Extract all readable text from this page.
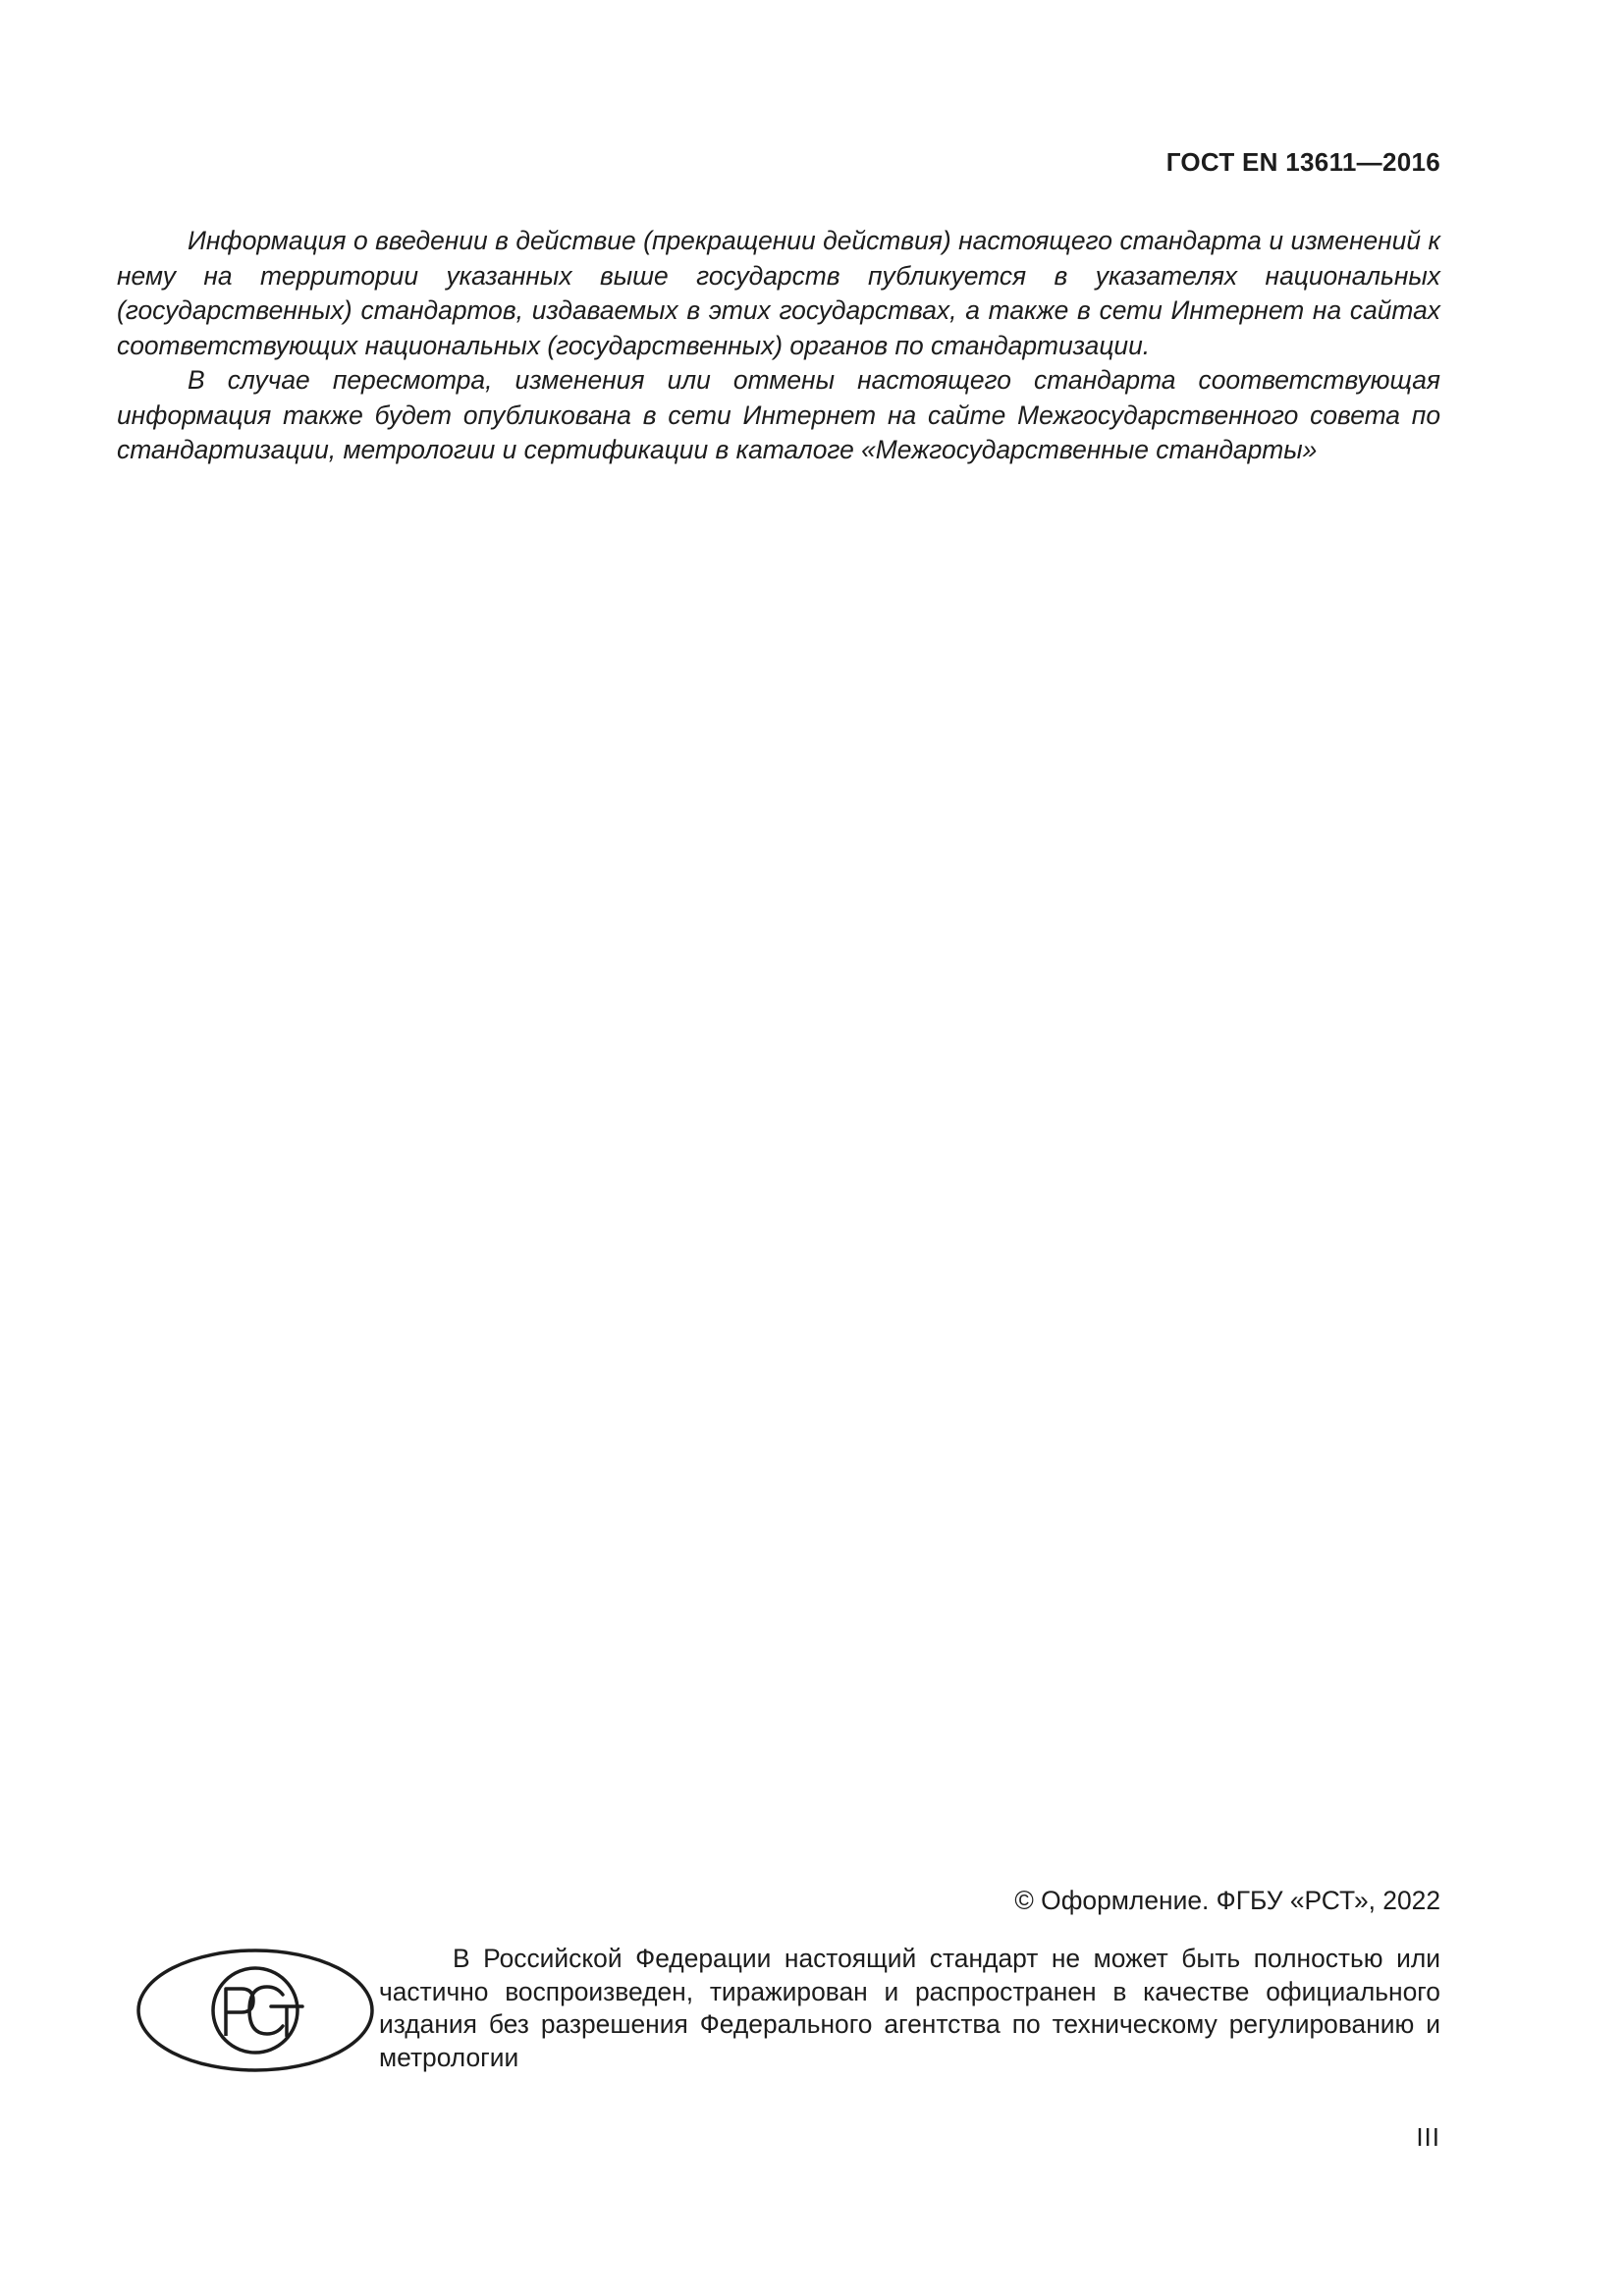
ГОСТ EN 13611—2016

Информация о введении в действие (прекращении действия) настоящего стандарта и изменений к нему на территории указанных выше государств публикуется в указателях национальных (государственных) стандартов, издаваемых в этих государствах, а также в сети Интернет на сайтах соответствующих национальных (государственных) органов по стандартизации.

В случае пересмотра, изменения или отмены настоящего стандарта соответствующая информация также будет опубликована в сети Интернет на сайте Межгосударственного совета по стандартизации, метрологии и сертификации в каталоге «Межгосударственные стандарты»

© Оформление. ФГБУ «РСТ», 2022

В Российской Федерации настоящий стандарт не может быть полностью или частично воспроизведен, тиражирован и распространен в качестве официального издания без разрешения Федерального агентства по техническому регулированию и метрологии

III
